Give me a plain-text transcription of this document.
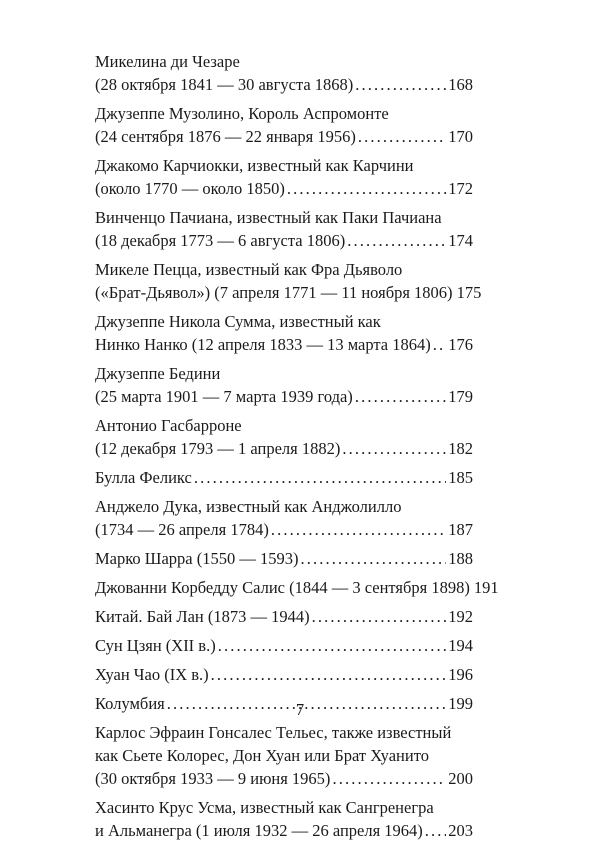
Микелина ди Чезаре
(28 октября 1841 — 30 августа 1868) . . .	168
Джузеппе Музолино, Король Аспромонте
(24 сентября 1876 — 22 января 1956) . . .	170
Джакомо Карчиокки, известный как Карчини
(около 1770 — около 1850) . . .	172
Винченцо Пачиана, известный как Паки Пачиана
(18 декабря 1773 — 6 августа 1806) . . .	174
Микеле Пецца, известный как Фра Дьяволо
(«Брат-Дьявол») (7 апреля 1771 — 11 ноября 1806) 175
Джузеппе Никола Сумма, известный как
Нинко Нанко (12 апреля 1833 — 13 марта 1864) . . . 176
Джузеппе Бедини
(25 марта 1901 — 7 марта 1939 года) . . .	179
Антонио Гасбарроне
(12 декабря 1793 — 1 апреля 1882) . . .	182
Булла Феликс . . .	185
Анджело Дука, известный как Анджолилло
(1734 — 26 апреля 1784) . . .	187
Марко Шарра (1550 — 1593) . . .	188
Джованни Корбедду Салис (1844 — 3 сентября 1898) 191
Китай. Бай Лан (1873 — 1944) . . .	192
Сун Цзян (XII в.) . . .	194
Хуан Чао (IX в.) . . .	196
Колумбия . . .	199
Карлос Эфраин Гонсалес Тельес, также известный
как Сьете Колорес, Дон Хуан или Брат Хуанито
(30 октября 1933 — 9 июня 1965) . . .	200
Хасинто Крус Усма, известный как Сангренегра
и Альманегра (1 июля 1932 — 26 апреля 1964) . . . 203
7
